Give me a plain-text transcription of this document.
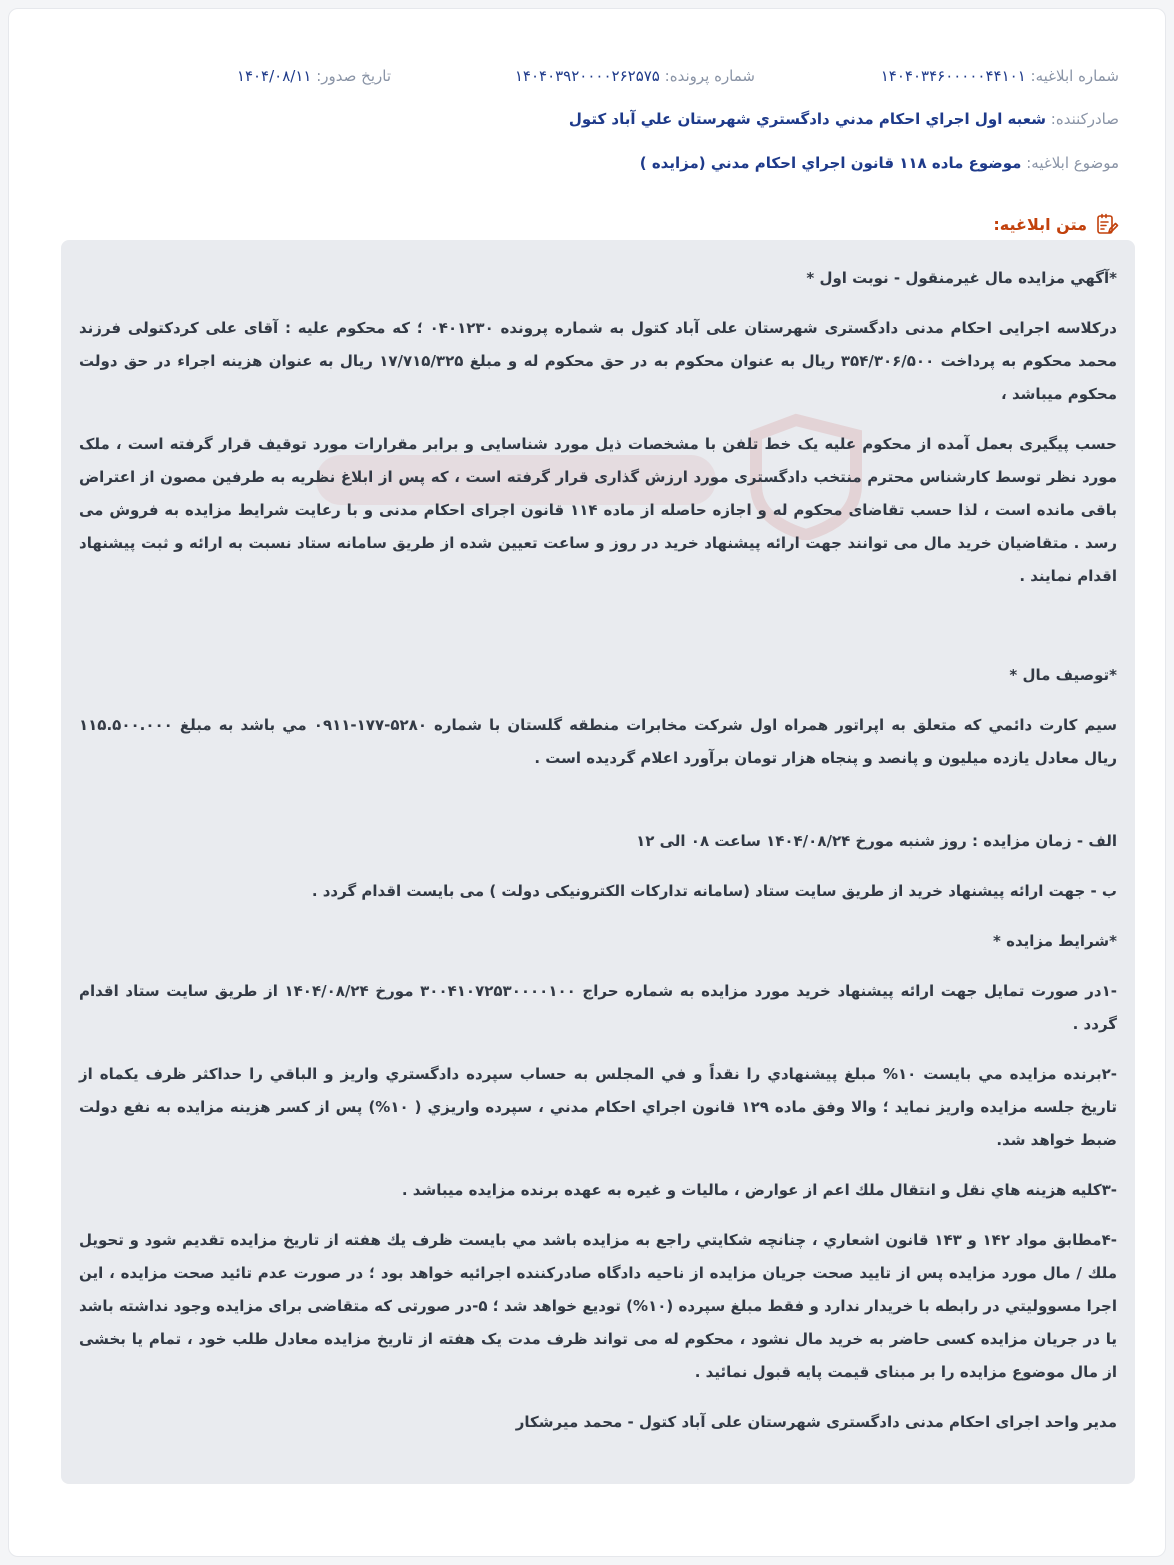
شماره ابلاغیه: ۱۴۰۴۰۳۴۶۰۰۰۰۰۴۴۱۰۱
شماره پرونده: ۱۴۰۴۰۳۹۲۰۰۰۰۲۶۲۵۷۵
تاریخ صدور: ۱۴۰۴/۰۸/۱۱
صادرکننده: شعبه اول اجراي احكام مدني دادگستري شهرستان علي آباد كتول
موضوع ابلاغیه: موضوع ماده ۱۱۸ قانون اجراي احكام مدني (مزايده )
متن ابلاغیه:

*آگهي مزايده مال غيرمنقول - نوبت اول *

درکلاسه اجرایی احکام مدنی دادگستری شهرستان علی آباد کتول به شماره پرونده ۰۴۰۱۲۳۰ ؛ که محکوم علیه : آقای علی کردکتولی فرزند محمد محکوم به پرداخت ۳۵۴/۳۰۶/۵۰۰ ریال به عنوان محکوم به در حق محکوم له و مبلغ ۱۷/۷۱۵/۳۲۵ ریال به عنوان هزینه اجراء در حق دولت محکوم میباشد ،

حسب پیگیری بعمل آمده از محکوم علیه یک خط تلفن با مشخصات ذیل مورد شناسایی و برابر مقرارات مورد توقیف قرار گرفته است ، ملک مورد نظر توسط کارشناس محترم منتخب دادگستری مورد ارزش گذاری قرار گرفته است ، که پس از ابلاغ نظریه به طرفین مصون از اعتراض باقی مانده است ، لذا حسب تقاضای محکوم له و اجازه حاصله از ماده ۱۱۴ قانون اجرای احکام مدنی و با رعایت شرایط مزایده به فروش می رسد . متقاضیان خرید مال می توانند جهت ارائه پیشنهاد خرید در روز و ساعت تعیین شده از طریق سامانه ستاد نسبت به ارائه و ثبت پیشنهاد اقدام نمایند .

*توصيف مال *

سيم كارت دائمي كه متعلق به اپراتور همراه اول شركت مخابرات منطقه گلستان با شماره ۵۲۸۰-۱۷۷-۰۹۱۱ مي باشد به مبلغ ۱۱۵.۵۰۰.۰۰۰ ريال معادل یازده میلیون و پانصد و پنجاه هزار تومان برآورد اعلام گرديده است .

الف - زمان مزايده : روز شنبه مورخ ۱۴۰۴/۰۸/۲۴ ساعت ۰۸ الی ۱۲

ب - جهت ارائه پیشنهاد خرید از طریق سایت ستاد (سامانه تدارکات الکترونیکی دولت ) می بایست اقدام گردد .

*شرايط مزايده *

-۱در صورت تمایل جهت ارائه پیشنهاد خرید مورد مزایده به شماره حراج ۳۰۰۴۱۰۷۲۵۳۰۰۰۰۱۰۰ مورخ ۱۴۰۴/۰۸/۲۴ از طریق سایت ستاد اقدام گردد .

-۲برنده مزايده مي بايست ۱۰% مبلغ پيشنهادي را نقداً و في المجلس به حساب سپرده دادگستري واريز و الباقي را حداكثر ظرف يكماه از تاريخ جلسه مزايده واريز نمايد ؛ والا وفق ماده ۱۲۹ قانون اجراي احكام مدني ، سپرده واريزي ( ۱۰%) پس از كسر هزينه مزايده به نفع دولت ضبط خواهد شد.

-۳كليه هزينه هاي نقل و انتقال ملك اعم از عوارض ، ماليات و غيره به عهده برنده مزايده ميباشد .

-۴مطابق مواد ۱۴۲ و ۱۴۳ قانون اشعاري ، چنانچه شكايتي راجع به مزايده باشد مي بايست ظرف يك هفته از تاريخ مزايده تقديم شود و تحويل ملك / مال مورد مزايده پس از تاييد صحت جريان مزايده از ناحيه دادگاه صادركننده اجرائيه خواهد بود ؛ در صورت عدم تائيد صحت مزايده ، اين اجرا مسووليتي در رابطه با خريدار ندارد و فقط مبلغ سپرده (۱۰%) توديع خواهد شد ؛ ۵-در صورتی که متقاضی برای مزایده وجود نداشته باشد یا در جریان مزایده کسی حاضر به خرید مال نشود ، محکوم له می تواند ظرف مدت یک هفته از تاریخ مزایده معادل طلب خود ، تمام یا بخشی از مال موضوع مزایده را بر مبنای قیمت پایه قبول نمائید .

مدیر واحد اجرای احکام مدنی دادگستری شهرستان علی آباد کتول - محمد میرشکار
